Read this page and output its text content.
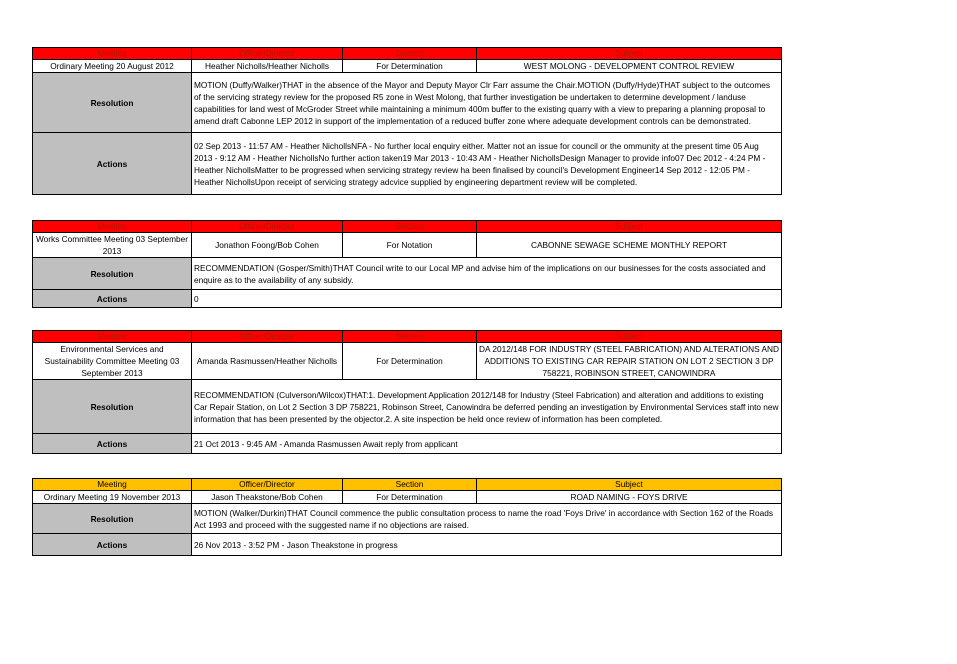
Meeting	Officer/Director	Section	Subject
Ordinary Meeting 20 August 2012	Heather Nicholls/Heather Nicholls	For Determination	WEST MOLONG - DEVELOPMENT CONTROL REVIEW
Resolution	MOTION (Duffy/Walker)THAT in the absence of the Mayor and Deputy Mayor Clr Farr assume the Chair.MOTION (Duffy/Hyde)THAT subject to the outcomes of the servicing strategy review for the proposed R5 zone in West Molong, that further investigation be undertaken to determine development / landuse capabilities for land west of McGroder Street while maintaining a minimum 400m buffer to the existing quarry with a view to preparing a planning proposal to amend draft Cabonne LEP 2012 in support of the implementation of a reduced buffer zone where adequate development controls can be demonstrated.		
Actions	02 Sep 2013 - 11:57 AM - Heather NichollsNFA - No further local enquiry either. Matter not an issue for council or the ommunity at the present time 05 Aug 2013 - 9:12 AM - Heather NichollsNo further action taken19 Mar 2013 - 10:43 AM - Heather NichollsDesign Manager to provide info07 Dec 2012 - 4:24 PM - Heather NichollsMatter to be progressed when servicing strategy review ha been finalised by council's Development Engineer14 Sep 2012 - 12:05 PM - Heather NichollsUpon receipt of servicing strategy adcvice supplied by engineering department review will be completed.		
Meeting	Officer/Director	Section	Subject
Works Committee Meeting 03 September 2013	Jonathon Foong/Bob Cohen	For Notation	CABONNE SEWAGE SCHEME MONTHLY REPORT
Resolution	RECOMMENDATION (Gosper/Smith)THAT Council write to our Local MP and advise him of the implications on our businesses for the costs associated and enquire as to the availability of any subsidy.		
Actions	0		
Meeting	Officer/Director	Section	Subject
Environmental Services and Sustainability Committee Meeting 03 September 2013	Amanda Rasmussen/Heather Nicholls	For Determination	DA 2012/148 FOR INDUSTRY (STEEL FABRICATION) AND ALTERATIONS AND ADDITIONS TO EXISTING CAR REPAIR STATION ON LOT 2 SECTION 3 DP 758221, ROBINSON STREET, CANOWINDRA
Resolution	RECOMMENDATION (Culverson/Wilcox)THAT:1. Development Application 2012/148 for Industry (Steel Fabrication) and alteration and additions to existing Car Repair Station, on Lot 2 Section 3 DP 758221, Robinson Street, Canowindra be deferred pending an investigation by Environmental Services staff into new information that has been presented by the objector.2. A site inspection be held once review of information has been completed.		
Actions	21 Oct 2013 - 9:45 AM - Amanda Rasmussen Await reply from applicant		
Meeting	Officer/Director	Section	Subject
Ordinary Meeting 19 November 2013	Jason Theakstone/Bob Cohen	For Determination	ROAD NAMING - FOYS DRIVE
Resolution	MOTION (Walker/Durkin)THAT Council commence the public consultation process to name the road 'Foys Drive' in accordance with Section 162 of the Roads Act 1993 and proceed with the suggested name if no objections are raised.		
Actions	26 Nov 2013 - 3:52 PM - Jason Theakstone in progress		
